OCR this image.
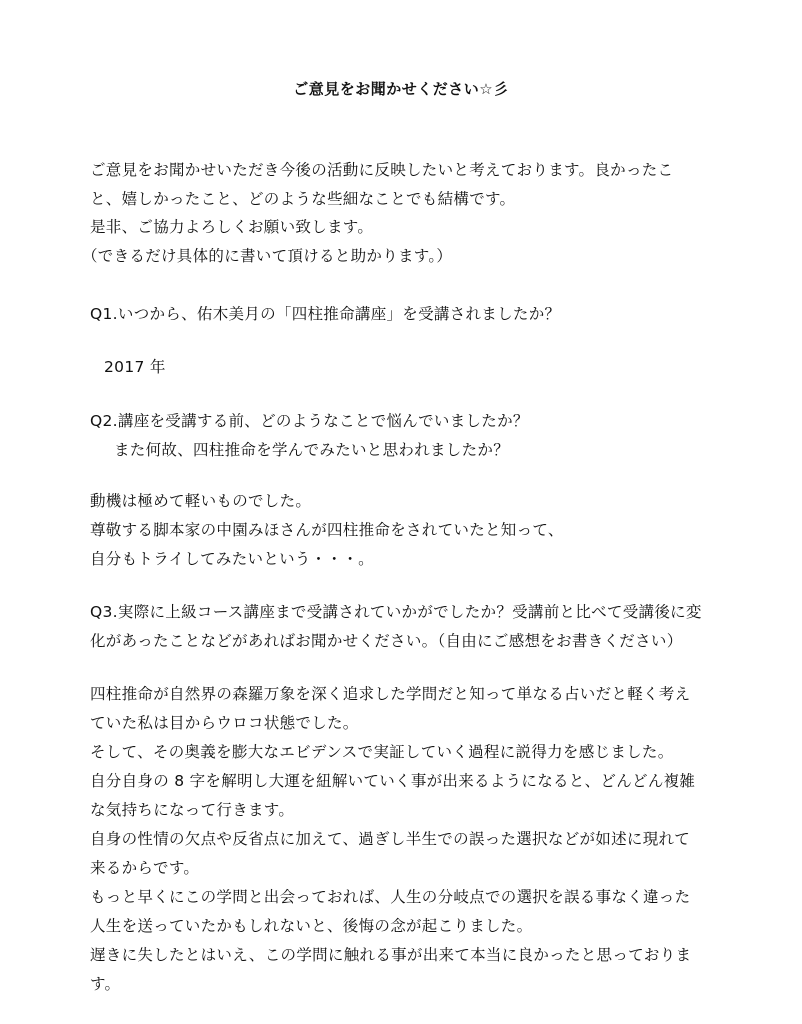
ご意見をお聞かせください☆彡
ご意見をお聞かせいただき今後の活動に反映したいと考えております。良かったこ
と、嬉しかったこと、どのような些細なことでも結構です。
是非、ご協力よろしくお願い致します。
（できるだけ具体的に書いて頂けると助かります。）
Q1.いつから、佑木美月の「四柱推命講座」を受講されましたか？
2017 年
Q2.講座を受講する前、どのようなことで悩んでいましたか？
また何故、四柱推命を学んでみたいと思われましたか？
動機は極めて軽いものでした。
尊敬する脚本家の中園みほさんが四柱推命をされていたと知って、
自分もトライしてみたいという・・・。
Q3.実際に上級コース講座まで受講されていかがでしたか？受講前と比べて受講後に変
化があったことなどがあればお聞かせください。（自由にご感想をお書きください）
四柱推命が自然界の森羅万象を深く追求した学問だと知って単なる占いだと軽く考え
ていた私は目からウロコ状態でした。
そして、その奥義を膨大なエビデンスで実証していく過程に説得力を感じました。
自分自身の 8 字を解明し大運を紐解いていく事が出来るようになると、どんどん複雑
な気持ちになって行きます。
自身の性情の欠点や反省点に加えて、過ぎし半生での誤った選択などが如述に現れて
来るからです。
もっと早くにこの学問と出会っておれば、人生の分岐点での選択を誤る事なく違った
人生を送っていたかもしれないと、後悔の念が起こりました。
遅きに失したとはいえ、この学問に触れる事が出来て本当に良かったと思っておりま
す。
